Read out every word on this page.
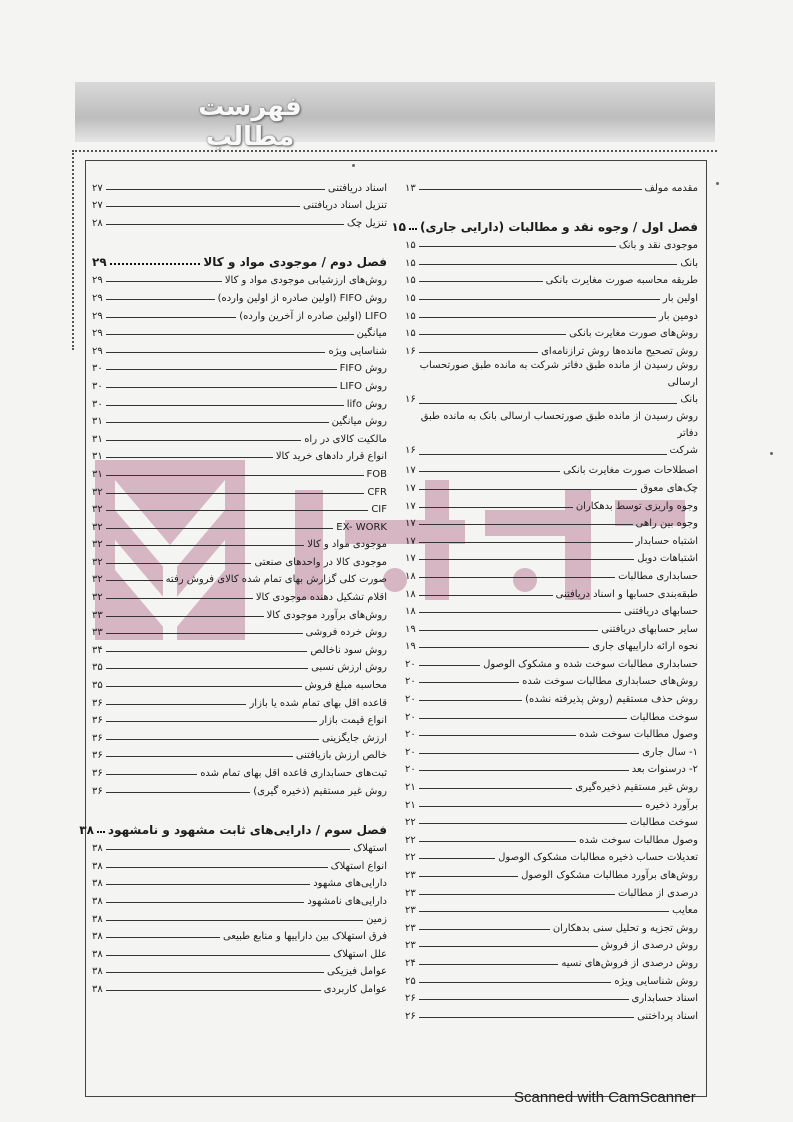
فهرست مطالب
مقدمه مولف
۱۳
فصل اول / وجوه نقد و مطالبات (دارایی جاری)
۱۵
موجودی نقد و بانک
۱۵
بانک
۱۵
طریقه محاسبه صورت مغایرت بانکی
۱۵
اولین بار
۱۵
دومین بار
۱۵
روش‌های صورت مغایرت بانکی
۱۵
روش تصحیح مانده‌ها روش ترازنامه‌ای
۱۶
روش رسیدن از مانده طبق دفاتر شرکت به مانده طبق صورتحساب ارسالی
بانک
۱۶
روش رسیدن از مانده طبق صورتحساب ارسالی بانک به مانده طبق دفاتر
شرکت
۱۶
اصطلاحات صورت مغایرت بانکی
۱۷
چک‌های معوق
۱۷
وجوه واریزی توسط بدهکاران
۱۷
وجوه بین راهی
۱۷
اشتباه حسابدار
۱۷
اشتباهات دوبل
۱۷
حسابداری مطالبات
۱۸
طبقه‌بندی حسابها و اسناد دریافتنی
۱۸
حسابهای دریافتنی
۱۸
سایر حسابهای دریافتنی
۱۹
نحوه ارائه داراییهای جاری
۱۹
حسابداری مطالبات سوخت شده و مشکوک الوصول
۲۰
روش‌های حسابداری مطالبات سوخت شده
۲۰
روش حذف مستقیم (روش پذیرفته نشده)
۲۰
سوخت مطالبات
۲۰
وصول مطالبات سوخت شده
۲۰
۱- سال جاری
۲۰
۲- درسنوات بعد
۲۰
روش غیر مستقیم ذخیره‌گیری
۲۱
برآورد ذخیره
۲۱
سوخت مطالبات
۲۲
وصول مطالبات سوخت شده
۲۲
تعدیلات حساب ذخیره مطالبات مشکوک الوصول
۲۲
روش‌های برآورد مطالبات مشکوک الوصول
۲۳
درصدی از مطالبات
۲۳
معایب
۲۳
روش تجزیه و تحلیل سنی بدهکاران
۲۳
روش درصدی از فروش
۲۳
روش درصدی از فروش‌های نسیه
۲۴
روش شناسایی ویژه
۲۵
اسناد حسابداری
۲۶
اسناد پرداختنی
۲۶
اسناد دریافتنی
۲۷
تنزیل اسناد دریافتنی
۲۷
تنزیل چک
۲۸
فصل دوم / موجودی مواد و کالا
۲۹
روش‌های ارزشیابی موجودی مواد و کالا
۲۹
روش FIFO (اولین صادره از اولین وارده)
۲۹
LIFO (اولین صادره از آخرین وارده)
۲۹
میانگین
۲۹
شناسایی ویژه
۲۹
روش FIFO
۳۰
روش LIFO
۳۰
روش lifo
۳۰
روش میانگین
۳۱
مالکیت کالای در راه
۳۱
انواع قرار دادهای خرید کالا
۳۱
FOB
۳۱
CFR
۳۲
CIF
۳۲
EX- WORK
۳۲
موجودی مواد و کالا
۳۲
موجودی کالا در واحدهای صنعتی
۳۲
صورت کلی گزارش بهای تمام شده کالای فروش رفته
۳۲
اقلام تشکیل دهنده موجودی کالا
۳۲
روش‌های برآورد موجودی کالا
۳۳
روش خرده فروشی
۳۳
روش سود ناخالص
۳۴
روش ارزش نسبی
۳۵
محاسبه مبلغ فروش
۳۵
قاعده اقل بهای تمام شده یا بازار
۳۶
انواع قیمت بازار
۳۶
ارزش جایگزینی
۳۶
خالص ارزش بازیافتنی
۳۶
ثبت‌های حسابداری قاعده اقل بهای تمام شده
۳۶
روش غیر مستقیم (ذخیره گیری)
۳۶
فصل سوم / دارایی‌های ثابت مشهود و نامشهود
۳۸
استهلاک
۳۸
انواع استهلاک
۳۸
دارایی‌های مشهود
۳۸
دارایی‌های نامشهود
۳۸
زمین
۳۸
فرق استهلاک بین داراییها و منابع طبیعی
۳۸
علل استهلاک
۳۸
عوامل فیزیکی
۳۸
عوامل کاربردی
۳۸
Scanned with CamScanner
